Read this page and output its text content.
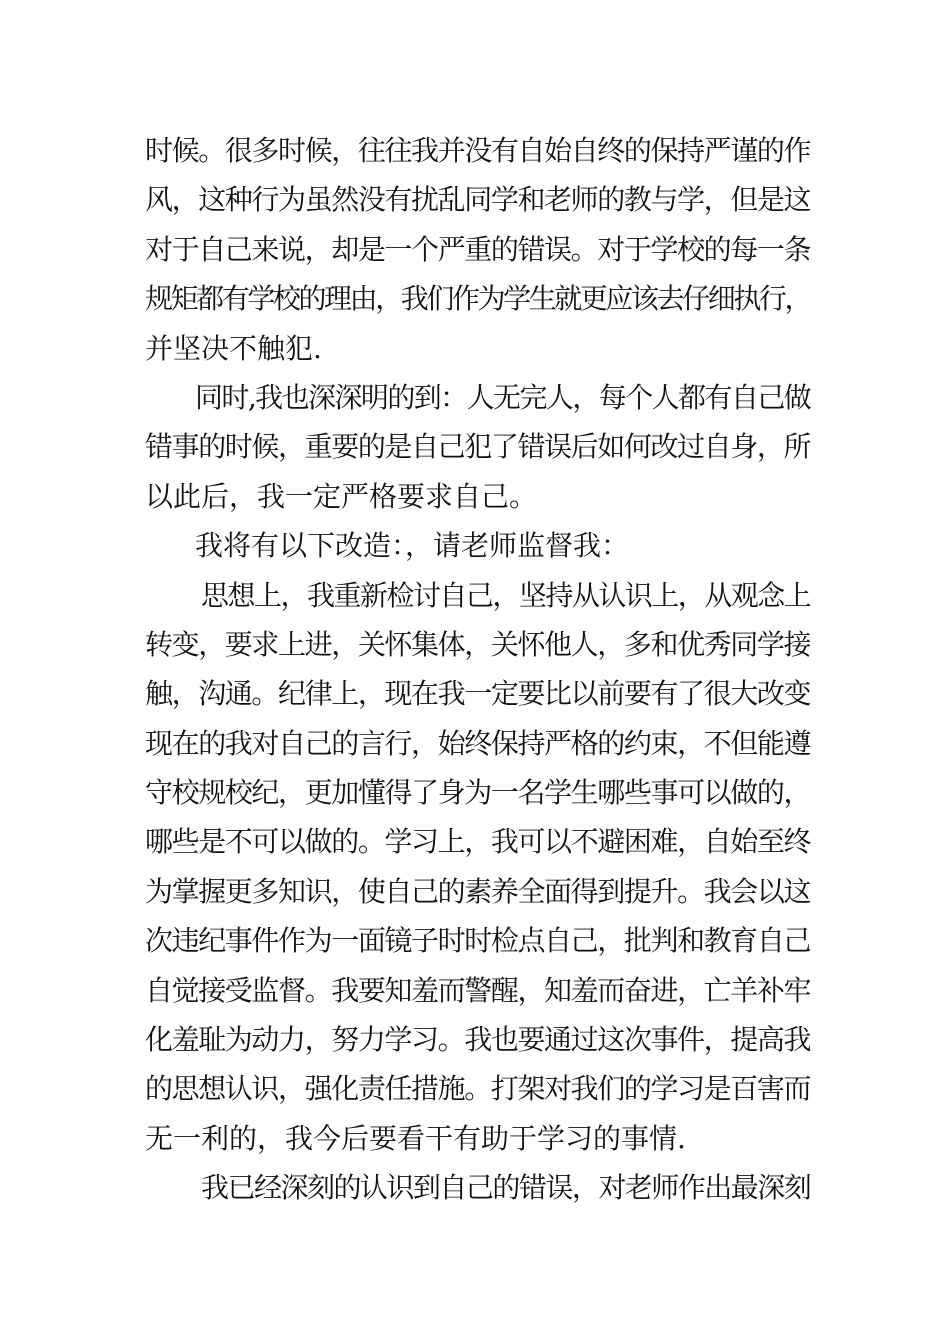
时候。很多时候，往往我并没有自始自终的保持严谨的作
风，这种行为虽然没有扰乱同学和老师的教与学，但是这
对于自己来说，却是一个严重的错误。对于学校的每一条
规矩都有学校的理由，我们作为学生就更应该去仔细执行，
并坚决不触犯.
同时,我也深深明的到：人无完人，每个人都有自己做
错事的时候，重要的是自己犯了错误后如何改过自身，所
以此后，我一定严格要求自己。
我将有以下改造：，请老师监督我：
思想上，我重新检讨自己，坚持从认识上，从观念上
转变，要求上进，关怀集体，关怀他人，多和优秀同学接
触，沟通。纪律上，现在我一定要比以前要有了很大改变
现在的我对自己的言行，始终保持严格的约束，不但能遵
守校规校纪，更加懂得了身为一名学生哪些事可以做的，
哪些是不可以做的。学习上，我可以不避困难，自始至终
为掌握更多知识，使自己的素养全面得到提升。我会以这
次违纪事件作为一面镜子时时检点自己，批判和教育自己
自觉接受监督。我要知羞而警醒，知羞而奋进，亡羊补牢
化羞耻为动力，努力学习。我也要通过这次事件，提高我
的思想认识，强化责任措施。打架对我们的学习是百害而
无一利的，我今后要看干有助于学习的事情.
我已经深刻的认识到自己的错误，对老师作出最深刻
